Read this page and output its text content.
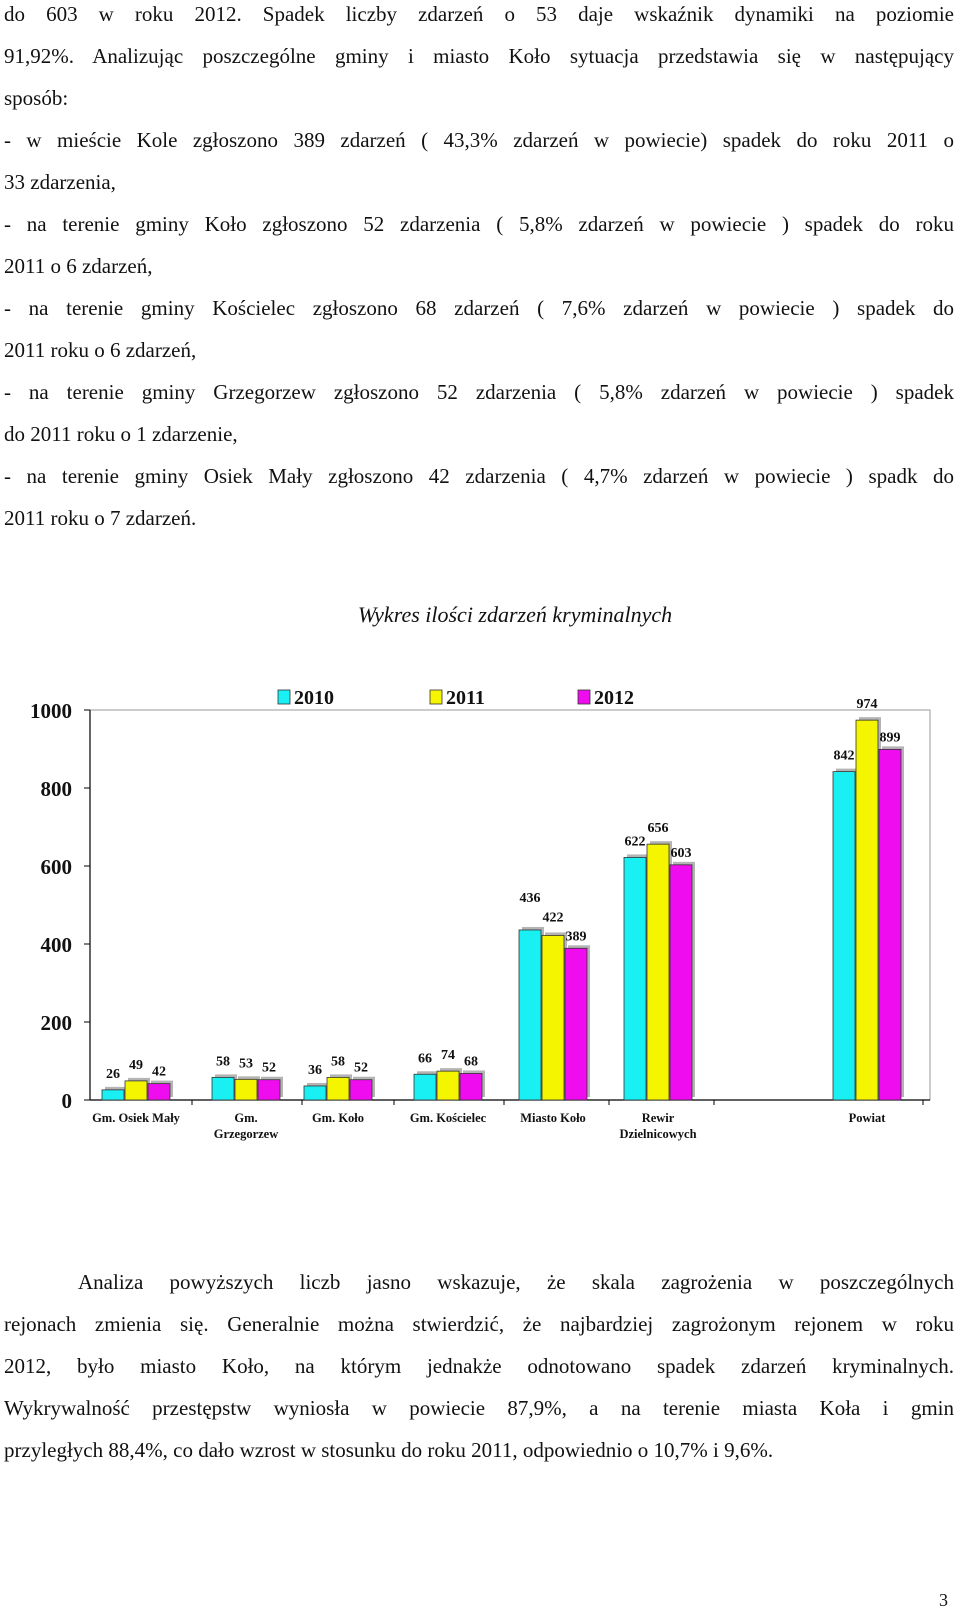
do 603 w roku 2012. Spadek liczby zdarzeń o 53 daje wskaźnik dynamiki na poziomie
91,92%. Analizując poszczególne gminy i miasto Koło sytuacja przedstawia się w następujący
sposób:
- w mieście Kole zgłoszono 389 zdarzeń ( 43,3% zdarzeń w powiecie) spadek do roku 2011 o
33 zdarzenia,
- na terenie gminy Koło zgłoszono 52 zdarzenia ( 5,8% zdarzeń w powiecie ) spadek do roku
2011 o 6 zdarzeń,
- na terenie gminy Kościelec zgłoszono 68 zdarzeń ( 7,6% zdarzeń w powiecie ) spadek do
2011 roku o 6 zdarzeń,
- na terenie gminy Grzegorzew zgłoszono 52 zdarzenia ( 5,8% zdarzeń w powiecie ) spadek
do 2011 roku o 1 zdarzenie,
- na terenie gminy Osiek Mały zgłoszono 42 zdarzenia ( 4,7% zdarzeń w powiecie ) spadk do
2011 roku o 7 zdarzeń.
Wykres ilości zdarzeń kryminalnych
0
200
400
600
800
1000
26
49 42
Gm. Osiek Mały
58 53 52
Gm.
Grzegorzew
36
58 52
Gm. Koło
66 74 68
Gm. Kościelec
436
422
389
Miasto Koło
622
656
603
Rewir
Dzielnicowych
842
974
899
Powiat
2010	2011	2012
Analiza powyższych liczb jasno wskazuje, że skala zagrożenia w poszczególnych
rejonach zmienia się. Generalnie można stwierdzić, że najbardziej zagrożonym rejonem w roku
2012, było miasto Koło, na którym jednakże odnotowano spadek zdarzeń kryminalnych.
Wykrywalność przestępstw wyniosła w powiecie 87,9%, a na terenie miasta Koła i gmin
przyległych 88,4%, co dało wzrost w stosunku do roku 2011, odpowiednio o 10,7% i 9,6%.
3
